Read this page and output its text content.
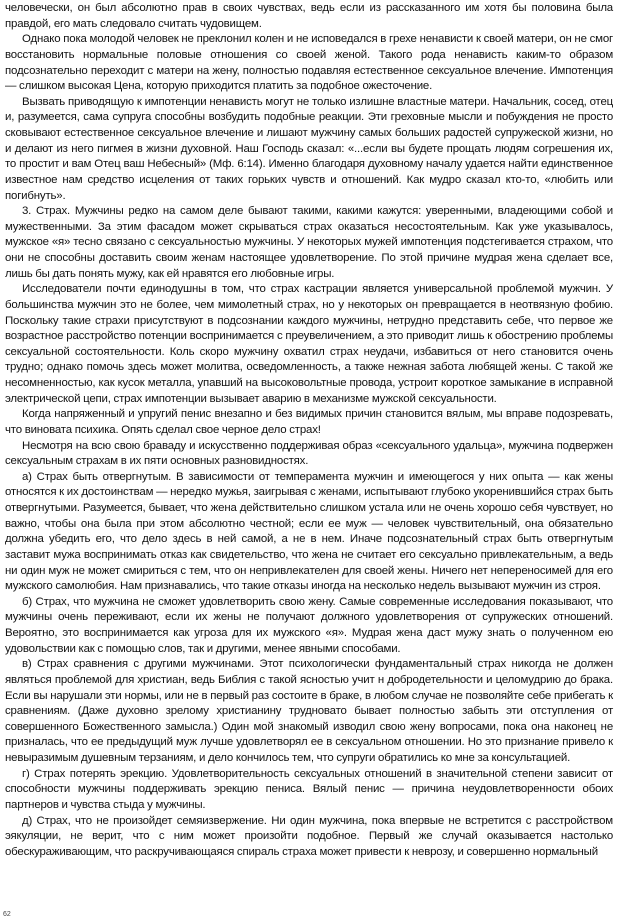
человечески, он был абсолютно прав в своих чувствах, ведь если из рассказанного им хотя бы половина была правдой, его мать следовало считать чудовищем.

Однако пока молодой человек не преклонил колен и не исповедался в грехе ненависти к своей матери, он не смог восстановить нормальные половые отношения со своей женой. Такого рода ненависть каким-то образом подсознательно переходит с матери на жену, полностью подавляя естественное сексуальное влечение. Импотенция — слишком высокая Цена, которую приходится платить за подобное ожесточение.

Вызвать приводящую к импотенции ненависть могут не только излишне властные матери. Начальник, сосед, отец и, разумеется, сама супруга способны возбудить подобные реакции. Эти греховные мысли и побуждения не просто сковывают естественное сексуальное влечение и лишают мужчину самых больших радостей супружеской жизни, но и делают из него пигмея в жизни духовной. Наш Господь сказал: «...если вы будете прощать людям согрешения их, то простит и вам Отец ваш Небесный» (Мф. 6:14). Именно благодаря духовному началу удается найти единственное известное нам средство исцеления от таких горьких чувств и отношений. Как мудро сказал кто-то, «любить или погибнуть».

3. Страх. Мужчины редко на самом деле бывают такими, какими кажутся: уверенными, владеющими собой и мужественными. За этим фасадом может скрываться страх оказаться несостоятельным. Как уже указывалось, мужское «я» тесно связано с сексуальностью мужчины. У некоторых мужей импотенция подстегивается страхом, что они не способны доставить своим женам настоящее удовлетворение. По этой причине мудрая жена сделает все, лишь бы дать понять мужу, как ей нравятся его любовные игры.

Исследователи почти единодушны в том, что страх кастрации является универсальной проблемой мужчин. У большинства мужчин это не более, чем мимолетный страх, но у некоторых он превращается в неотвязную фобию. Поскольку такие страхи присутствуют в подсознании каждого мужчины, нетрудно представить себе, что первое же возрастное расстройство потенции воспринимается с преувеличением, а это приводит лишь к обострению проблемы сексуальной состоятельности. Коль скоро мужчину охватил страх неудачи, избавиться от него становится очень трудно; однако помочь здесь может молитва, осведомленность, а также нежная забота любящей жены. С такой же несомненностью, как кусок металла, упавший на высоковольтные провода, устроит короткое замыкание в исправной электрической цепи, страх импотенции вызывает аварию в механизме мужской сексуальности.

Когда напряженный и упругий пенис внезапно и без видимых причин становится вялым, мы вправе подозревать, что виновата психика. Опять сделал свое черное дело страх!

Несмотря на всю свою браваду и искусственно поддерживая образ «сексуального удальца», мужчина подвержен сексуальным страхам в их пяти основных разновидностях.

а) Страх быть отвергнутым. В зависимости от темперамента мужчин и имеющегося у них опыта — как жены относятся к их достоинствам — нередко мужья, заигрывая с женами, испытывают глубоко укоренившийся страх быть отвергнутыми. Разумеется, бывает, что жена действительно слишком устала или не очень хорошо себя чувствует, но важно, чтобы она была при этом абсолютно честной; если ее муж — человек чувствительный, она обязательно должна убедить его, что дело здесь в ней самой, а не в нем. Иначе подсознательный страх быть отвергнутым заставит мужа воспринимать отказ как свидетельство, что жена не считает его сексуально привлекательным, а ведь ни один муж не может смириться с тем, что он непривлекателен для своей жены. Ничего нет непереносимей для его мужского самолюбия. Нам признавались, что такие отказы иногда на несколько недель вызывают мужчин из строя.

б) Страх, что мужчина не сможет удовлетворить свою жену. Самые современные исследования показывают, что мужчины очень переживают, если их жены не получают должного удовлетворения от супружеских отношений. Вероятно, это воспринимается как угроза для их мужского «я». Мудрая жена даст мужу знать о полученном ею удовольствии как с помощью слов, так и другими, менее явными способами.

в) Страх сравнения с другими мужчинами. Этот психологически фундаментальный страх никогда не должен являться проблемой для христиан, ведь Библия с такой ясностью учит н добродетельности и целомудрию до брака. Если вы нарушали эти нормы, или не в первый раз состоите в браке, в любом случае не позволяйте себе прибегать к сравнениям. (Даже духовно зрелому христианину трудновато бывает полностью забыть эти отступления от совершенного Божественного замысла.) Один мой знакомый изводил свою жену вопросами, пока она наконец не призналась, что ее предыдущий муж лучше удовлетворял ее в сексуальном отношении. Но это признание привело к невыразимым душевным терзаниям, и дело кончилось тем, что супруги обратились ко мне за консультацией.

г) Страх потерять эрекцию. Удовлетворительность сексуальных отношений в значительной степени зависит от способности мужчины поддерживать эрекцию пениса. Вялый пенис — причина неудовлетворенности обоих партнеров и чувства стыда у мужчины.

д) Страх, что не произойдет семяизвержение. Ни один мужчина, пока впервые не встретится с расстройством эякуляции, не верит, что с ним может произойти подобное. Первый же случай оказывается настолько обескураживающим, что раскручивающаяся спираль страха может привести к неврозу, и совершенно нормальный

62
